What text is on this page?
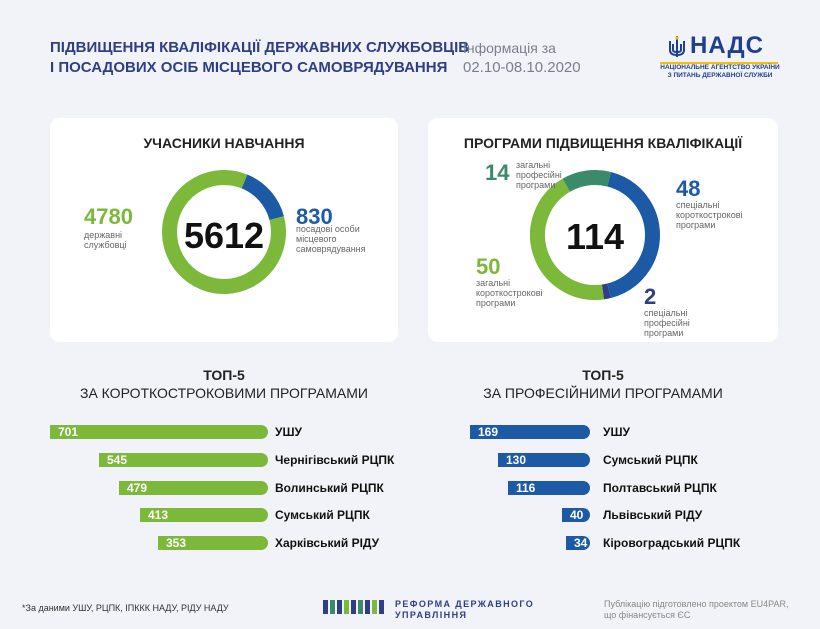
ПІДВИЩЕННЯ КВАЛІФІКАЦІЇ ДЕРЖАВНИХ СЛУЖБОВЦІВ
І ПОСАДОВИХ ОСІБ МІСЦЕВОГО САМОВРЯДУВАННЯ
Інформація за
02.10-08.10.2020
НАДС
НАЦІОНАЛЬНЕ АГЕНТСТВО УКРАЇНИ
З ПИТАНЬ ДЕРЖАВНОЇ СЛУЖБИ
УЧАСНИКИ НАВЧАННЯ
5612
4780
державні
службовці
830
посадові особи
місцевого
самоврядування
ПРОГРАМИ ПІДВИЩЕННЯ КВАЛІФІКАЦІЇ
114
14 загальні
професійні
програми	48
спеціальні
короткострокові
програми
50
загальні
короткострокові
програми	2
спеціальні
професійні
програми
ТОП-5
ЗА КОРОТКОСТРОКОВИМИ ПРОГРАМАМИ
ТОП-5
ЗА ПРОФЕСІЙНИМИ ПРОГРАМАМИ
701	УШУ
545	Чернігівський РЦПК
479	Волинський РЦПК
413	Сумський РЦПК
353	Харківський РІДУ
169	УШУ
130	Сумський РЦПК
116	Полтавський РЦПК
40 Львівський РІДУ
34 Кіровоградський РЦПК
*За даними УШУ, РЦПК, ІПККК НАДУ, РІДУ НАДУ	РЕФОРМА ДЕРЖАВНОГО
УПРАВЛІННЯ
Публікацію підготовлено проектом EU4PAR,
що фінансується ЄС
